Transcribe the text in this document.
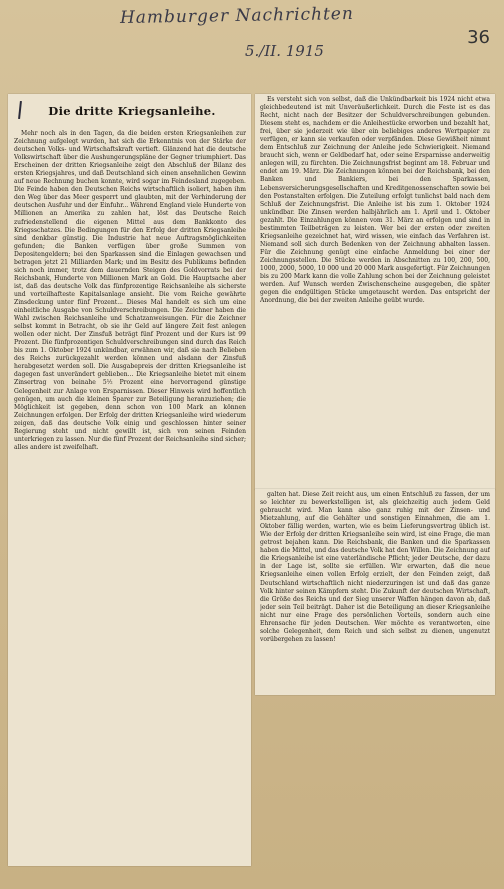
Hamburger Nachrichten
5./II. 1915
36
Die dritte Kriegsanleihe.

Mehr noch als in den Tagen, da die beiden ersten Kriegsanleihen zur Zeichnung aufgelegt wurden, hat sich die Erkenntnis von der Stärke der deutschen Volks- und Wirtschaftskraft vertieft. Glänzend hat die deutsche Volkswirtschaft über die Aushungerungspläne der Gegner triumphiert. Das Erscheinen der dritten Kriegsanleihe zeigt den Abschluß der Bilanz des ersten Kriegsjahres, und daß Deutschland sich einen ansehnlichen Gewinn auf neue Rechnung buchen konnte, wird sogar im Feindesland zugegeben. Die Feinde haben den Deutschen Reichs wirtschaftlich isoliert, haben ihm den Weg über das Meer gesperrt und glaubten, mit der Verhinderung der deutschen Ausfuhr und der Einfuhr... Während England viele Hunderte von Millionen an Amerika zu zahlen hat, löst das Deutsche Reich zufriedenstellend die eigenen Mittel aus dem Bankkonto des Kriegsschatzes. Die Bedingungen für den Erfolg der dritten Kriegsanleihe sind denkbar günstig. Die Industrie hat neue Auftragsmöglichkeiten gefunden; die Banken verfügen über große Summen von Depositengeldern; bei den Sparkassen sind die Einlagen gewachsen und betragen jetzt 21 Milliarden Mark; und im Besitz des Publikums befinden sich noch immer, trotz dem dauernden Steigen des Goldvorrats bei der Reichsbank, Hunderte von Millionen Mark an Gold. Die Hauptsache aber ist, daß das deutsche Volk das fünfprozentige Reichsanleihe als sicherste und vorteilhafteste Kapitalsanlage ansieht. Die vom Reiche gewährte Zinsdeckung unter fünf Prozent... Dieses Mal handelt es sich um eine einheitliche Ausgabe von Schuldverschreibungen. Die Zeichner haben die Wahl zwischen Reichsanleihe und Schatzanweisungen. Für die Zeichner selbst kommt in Betracht, ob sie ihr Geld auf längere Zeit fest anlegen wollen oder nicht. Der Zinsfuß beträgt fünf Prozent und der Kurs ist 99 Prozent. Die fünfprozentigen Schuldverschreibungen sind durch das Reich bis zum 1. Oktober 1924 unkündbar, erwähnen wir, daß sie nach Belieben des Reichs zurückgezahlt werden können und alsdann der Zinsfuß herabgesetzt werden soll. Die Ausgabepreis der dritten Kriegsanleihe ist dagegen fast unverändert geblieben... Die Kriegsanleihe bietet mit einem Zinsertrag von beinahe 5½ Prozent eine hervorragend günstige Gelegenheit zur Anlage von Ersparnissen. Dieser Hinweis wird hoffentlich genügen, um auch die kleinen Sparer zur Beteiligung heranzuziehen; die Möglichkeit ist gegeben, denn schon von 100 Mark an können Zeichnungen erfolgen. Der Erfolg der dritten Kriegsanleihe wird wiederum zeigen, daß das deutsche Volk einig und geschlossen hinter seiner Regierung steht und nicht gewillt ist, sich von seinen Feinden unterkriegen zu lassen. Nur die fünf Prozent der Reichsanleihe sind sicher; alles andere ist zweifelhaft.

Es versteht sich von selbst, daß die Unkündbarkeit bis 1924 nicht etwa gleichbedeutend ist mit Unveräußerlichkeit. Durch die Feste ist es das Recht, nicht nach der Besitzer der Schuldverschreibungen gebunden. Diesem steht es, nachdem er die Anleihestücke erworben und bezahlt hat, frei, über sie jederzeit wie über ein beliebiges anderes Wertpapier zu verfügen, er kann sie verkaufen oder verpfänden. Diese Gewißheit nimmt dem Entschluß zur Zeichnung der Anleihe jede Schwierigkeit. Niemand braucht sich, wenn er Geldbedarf hat, oder seine Ersparnisse anderweitig anlegen will, zu fürchten. Die Zeichnungsfrist beginnt am 18. Februar und endet am 19. März. Die Zeichnungen können bei der Reichsbank, bei den Banken und Bankiers, bei den Sparkassen, Lebensversicherungsgesellschaften und Kreditgenossenschaften sowie bei den Postanstalten erfolgen. Die Zuteilung erfolgt tunlichst bald nach dem Schluß der Zeichnungsfrist. Die Anleihe ist bis zum 1. Oktober 1924 unkündbar. Die Zinsen werden halbjährlich am 1. April und 1. Oktober gezahlt. Die Einzahlungen können vom 31. März an erfolgen und sind in bestimmten Teilbeträgen zu leisten. Wer bei der ersten oder zweiten Kriegsanleihe gezeichnet hat, wird wissen, wie einfach das Verfahren ist. Niemand soll sich durch Bedenken von der Zeichnung abhalten lassen. Für die Zeichnung genügt eine einfache Anmeldung bei einer der Zeichnungsstellen. Die Stücke werden in Abschnitten zu 100, 200, 500, 1000, 2000, 5000, 10 000 und 20 000 Mark ausgefertigt. Für Zeichnungen bis zu 200 Mark kann die volle Zahlung schon bei der Zeichnung geleistet werden. Auf Wunsch werden Zwischenscheine ausgegeben, die später gegen die endgültigen Stücke umgetauscht werden. Das entspricht der Anordnung, die bei der zweiten Anleihe geübt wurde.

galten hat. Diese Zeit reicht aus, um einen Entschluß zu fassen, der um so leichter zu bewerkstelligen ist, als gleichzeitig auch jedem Geld gebraucht wird. Man kann also ganz ruhig mit der Zinsen- und Mietzahlung, auf die Gehälter und sonstigen Einnahmen, die am 1. Oktober fällig werden, warten, wie es beim Lieferungsvertrag üblich ist. Wie der Erfolg der dritten Kriegsanleihe sein wird, ist eine Frage, die man getrost bejahen kann. Die Reichsbank, die Banken und die Sparkassen haben die Mittel, und das deutsche Volk hat den Willen. Die Zeichnung auf die Kriegsanleihe ist eine vaterländische Pflicht; jeder Deutsche, der dazu in der Lage ist, sollte sie erfüllen. Wir erwarten, daß die neue Kriegsanleihe einen vollen Erfolg erzielt, der den Feinden zeigt, daß Deutschland wirtschaftlich nicht niederzuringen ist und daß das ganze Volk hinter seinen Kämpfern steht. Die Zukunft der deutschen Wirtschaft, die Größe des Reichs und der Sieg unserer Waffen hängen davon ab, daß jeder sein Teil beiträgt. Daher ist die Beteiligung an dieser Kriegsanleihe nicht nur eine Frage des persönlichen Vorteils, sondern auch eine Ehrensache für jeden Deutschen. Wer möchte es verantworten, eine solche Gelegenheit, dem Reich und sich selbst zu dienen, ungenutzt vorübergehen zu lassen!
